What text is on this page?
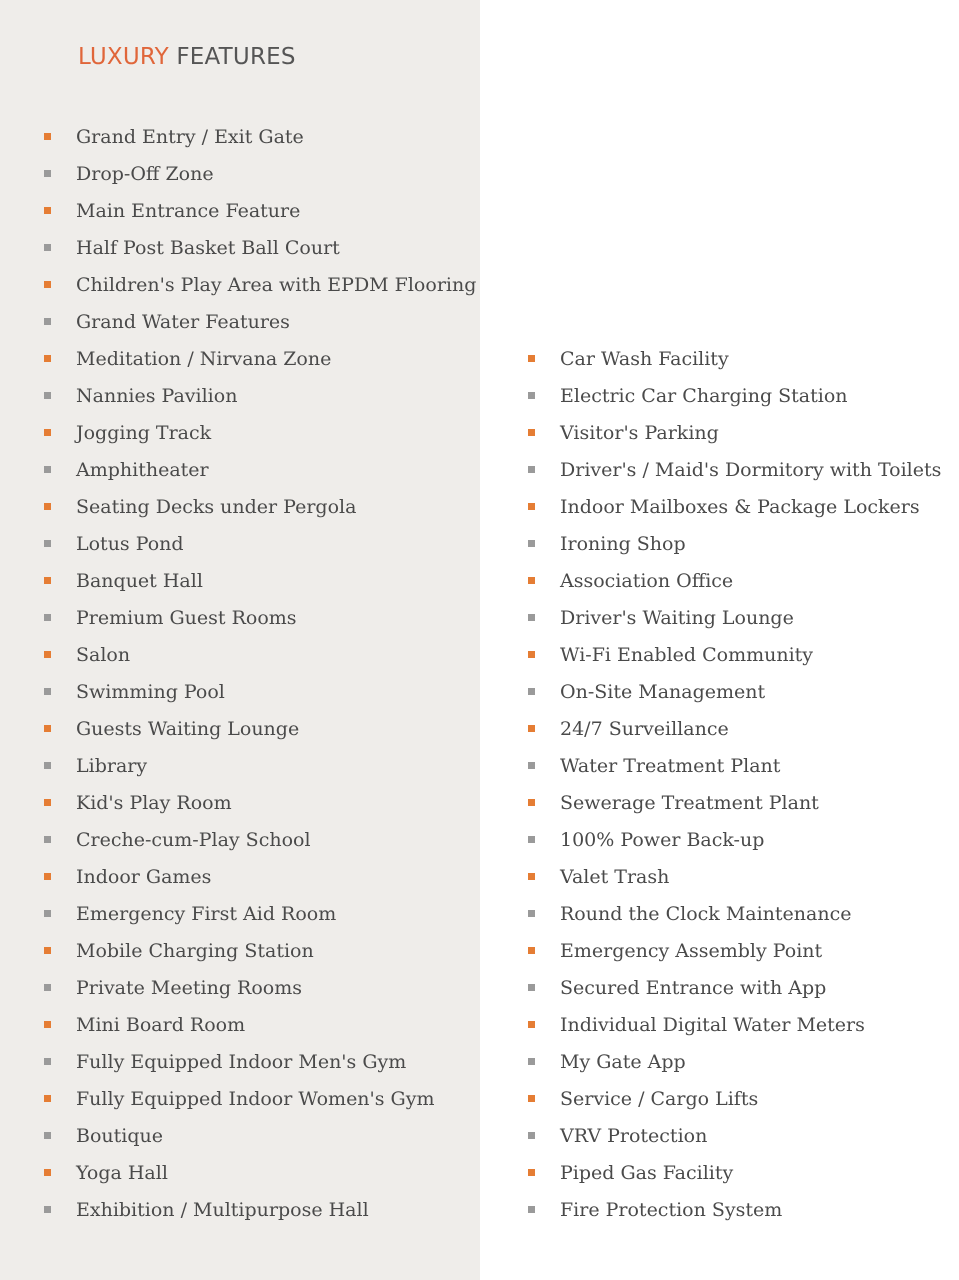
LUXURY FEATURES
Grand Entry / Exit Gate
Drop-Off Zone
Main Entrance Feature
Half Post Basket Ball Court
Children's Play Area with EPDM Flooring
Grand Water Features
Meditation / Nirvana Zone
Nannies Pavilion
Jogging Track
Amphitheater
Seating Decks under Pergola
Lotus Pond
Banquet Hall
Premium Guest Rooms
Salon
Swimming Pool
Guests Waiting Lounge
Library
Kid's Play Room
Creche-cum-Play School
Indoor Games
Emergency First Aid Room
Mobile Charging Station
Private Meeting Rooms
Mini Board Room
Fully Equipped Indoor Men's Gym
Fully Equipped Indoor Women's Gym
Boutique
Yoga Hall
Exhibition / Multipurpose Hall
Car Wash Facility
Electric Car Charging Station
Visitor's Parking
Driver's / Maid's Dormitory with Toilets
Indoor Mailboxes & Package Lockers
Ironing Shop
Association Office
Driver's Waiting Lounge
Wi-Fi Enabled Community
On-Site Management
24/7 Surveillance
Water Treatment Plant
Sewerage Treatment Plant
100% Power Back-up
Valet Trash
Round the Clock Maintenance
Emergency Assembly Point
Secured Entrance with App
Individual Digital Water Meters
My Gate App
Service / Cargo Lifts
VRV Protection
Piped Gas Facility
Fire Protection System
